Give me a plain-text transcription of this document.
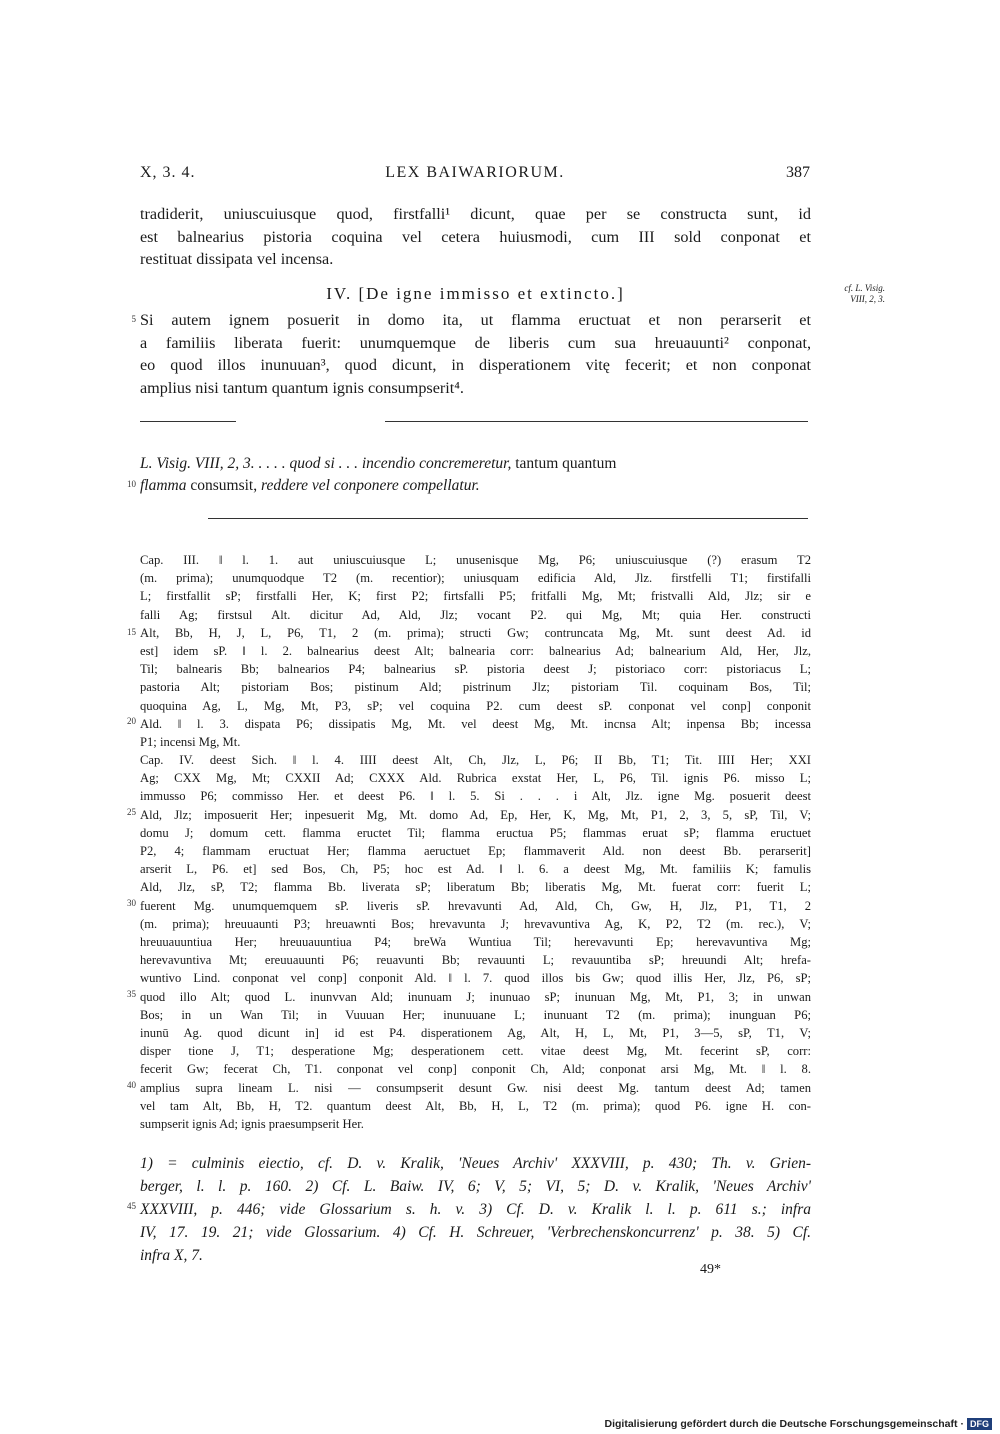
X, 3. 4.	LEX BAIWARIORUM.	387
tradiderit, uniuscuiusque quod, firstfalli¹ dicunt, quae per se constructa sunt, id
est balnearius pistoria coquina vel cetera huiusmodi, cum III sold conponat et
restituat dissipata vel incensa.
IV. [De igne immisso et extincto.]	cf. L. Visig.
VIII, 2, 3.
Si autem ignem posuerit in domo ita, ut flamma eructuat et non perarserit et
a familiis liberata fuerit: unumquemque de liberis cum sua hreuauunti² conponat,
eo quod illos inunuuan³, quod dicunt, in disperationem vitę fecerit; et non conponat
amplius nisi tantum quantum ignis consumpserit⁴.
5
10
15
20
25
30
35
40
45
L. Visig. VIII, 2, 3. . . . . quod si . . . incendio concremeretur, tantum quantum
flamma consumsit, reddere vel conponere compellatur.
Cap. III. ‖ l. 1. aut uniuscuiusque L; unusenisque Mg, P6; uniuscuiusque (?) erasum T2
(m. prima); unumquodque T2 (m. recentior); uniusquam edificia Ald, Jlz. firstfelli T1; firstifalli
L; firstfallit sP; firstfalli Her, K; first P2; firtsfalli P5; fritfalli Mg, Mt; fristvalli Ald, Jlz; sir e
falli Ag; firstsul Alt. dicitur Ad, Ald, Jlz; vocant P2. qui Mg, Mt; quia Her. constructi
Alt, Bb, H, J, L, P6, T1, 2 (m. prima); structi Gw; contruncata Mg, Mt. sunt deest Ad. id
est] idem sP. ‖ l. 2. balnearius deest Alt; balnearia corr: balnearius Ad; balnearium Ald, Her, Jlz,
Til; balnearis Bb; balnearios P4; balnearius sP. pistoria deest J; pistoriaco corr: pistoriacus L;
pastoria Alt; pistoriam Bos; pistinum Ald; pistrinum Jlz; pistoriam Til. coquinam Bos, Til;
quoquina Ag, L, Mg, Mt, P3, sP; vel coquina P2. cum deest sP. conponat vel conp] conponit
Ald. ‖ l. 3. dispata P6; dissipatis Mg, Mt. vel deest Mg, Mt. incnsa Alt; inpensa Bb; incessa
P1; incensi Mg, Mt.
Cap. IV. deest Sich. ‖ l. 4. IIII deest Alt, Ch, Jlz, L, P6; II Bb, T1; Tit. IIII Her; XXI
Ag; CXX Mg, Mt; CXXII Ad; CXXX Ald. Rubrica exstat Her, L, P6, Til. ignis P6. misso L;
immusso P6; commisso Her. et deest P6. ‖ l. 5. Si . . . i Alt, Jlz. igne Mg. posuerit deest
Ald, Jlz; imposuerit Her; inpesuerit Mg, Mt. domo Ad, Ep, Her, K, Mg, Mt, P1, 2, 3, 5, sP, Til, V;
domu J; domum cett. flamma eructet Til; flamma eructua P5; flammas eruat sP; flamma eructuet
P2, 4; flammam eructuat Her; flamma aeructuet Ep; flammaverit Ald. non deest Bb. perarserit]
arserit L, P6. et] sed Bos, Ch, P5; hoc est Ad. ‖ l. 6. a deest Mg, Mt. familiis K; famulis
Ald, Jlz, sP, T2; flamma Bb. liverata sP; liberatum Bb; liberatis Mg, Mt. fuerat corr: fuerit L;
fuerent Mg. unumquemquem sP. liveris sP. hrevavunti Ad, Ald, Ch, Gw, H, Jlz, P1, T1, 2
(m. prima); hreuuaunti P3; hreuawnti Bos; hrevavunta J; hrevavuntiva Ag, K, P2, T2 (m. rec.), V;
hreuuauuntiua Her; hreuuauuntiua P4; breWa Wuntiua Til; herevavunti Ep; herevavuntiva Mg;
herevavuntiva Mt; ereuuauunti P6; reuavunti Bb; revauunti L; revauuntiba sP; hreuundi Alt; hrefa-
wuntivo Lind. conponat vel conp] conponit Ald. ‖ l. 7. quod illos bis Gw; quod illis Her, Jlz, P6, sP;
quod illo Alt; quod L. inunvvan Ald; inunuam J; inunuao sP; inunuan Mg, Mt, P1, 3; in unwan
Bos; in un Wan Til; in Vuuuan Her; inunuuane L; inunuant T2 (m. prima); inunguan P6;
inunū Ag. quod dicunt in] id est P4. disperationem Ag, Alt, H, L, Mt, P1, 3—5, sP, T1, V;
disper tione J, T1; desperatione Mg; desperationem cett. vitae deest Mg, Mt. fecerint sP, corr:
fecerit Gw; fecerat Ch, T1. conponat vel conp] conponit Ch, Ald; conponat arsi Mg, Mt. ‖ l. 8.
amplius supra lineam L. nisi — consumpserit desunt Gw. nisi deest Mg. tantum deest Ad; tamen
vel tam Alt, Bb, H, T2. quantum deest Alt, Bb, H, L, T2 (m. prima); quod P6. igne H. con-
sumpserit ignis Ad; ignis praesumpserit Her.
1) = culminis eiectio, cf. D. v. Kralik, 'Neues Archiv' XXXVIII, p. 430; Th. v. Grien-
berger, l. l. p. 160. 2) Cf. L. Baiw. IV, 6; V, 5; VI, 5; D. v. Kralik, 'Neues Archiv'
XXXVIII, p. 446; vide Glossarium s. h. v. 3) Cf. D. v. Kralik l. l. p. 611 s.; infra
IV, 17. 19. 21; vide Glossarium. 4) Cf. H. Schreuer, 'Verbrechenskoncurrenz' p. 38. 5) Cf.
infra X, 7.
49*
Digitalisierung gefördert durch die Deutsche Forschungsgemeinschaft · DFG
